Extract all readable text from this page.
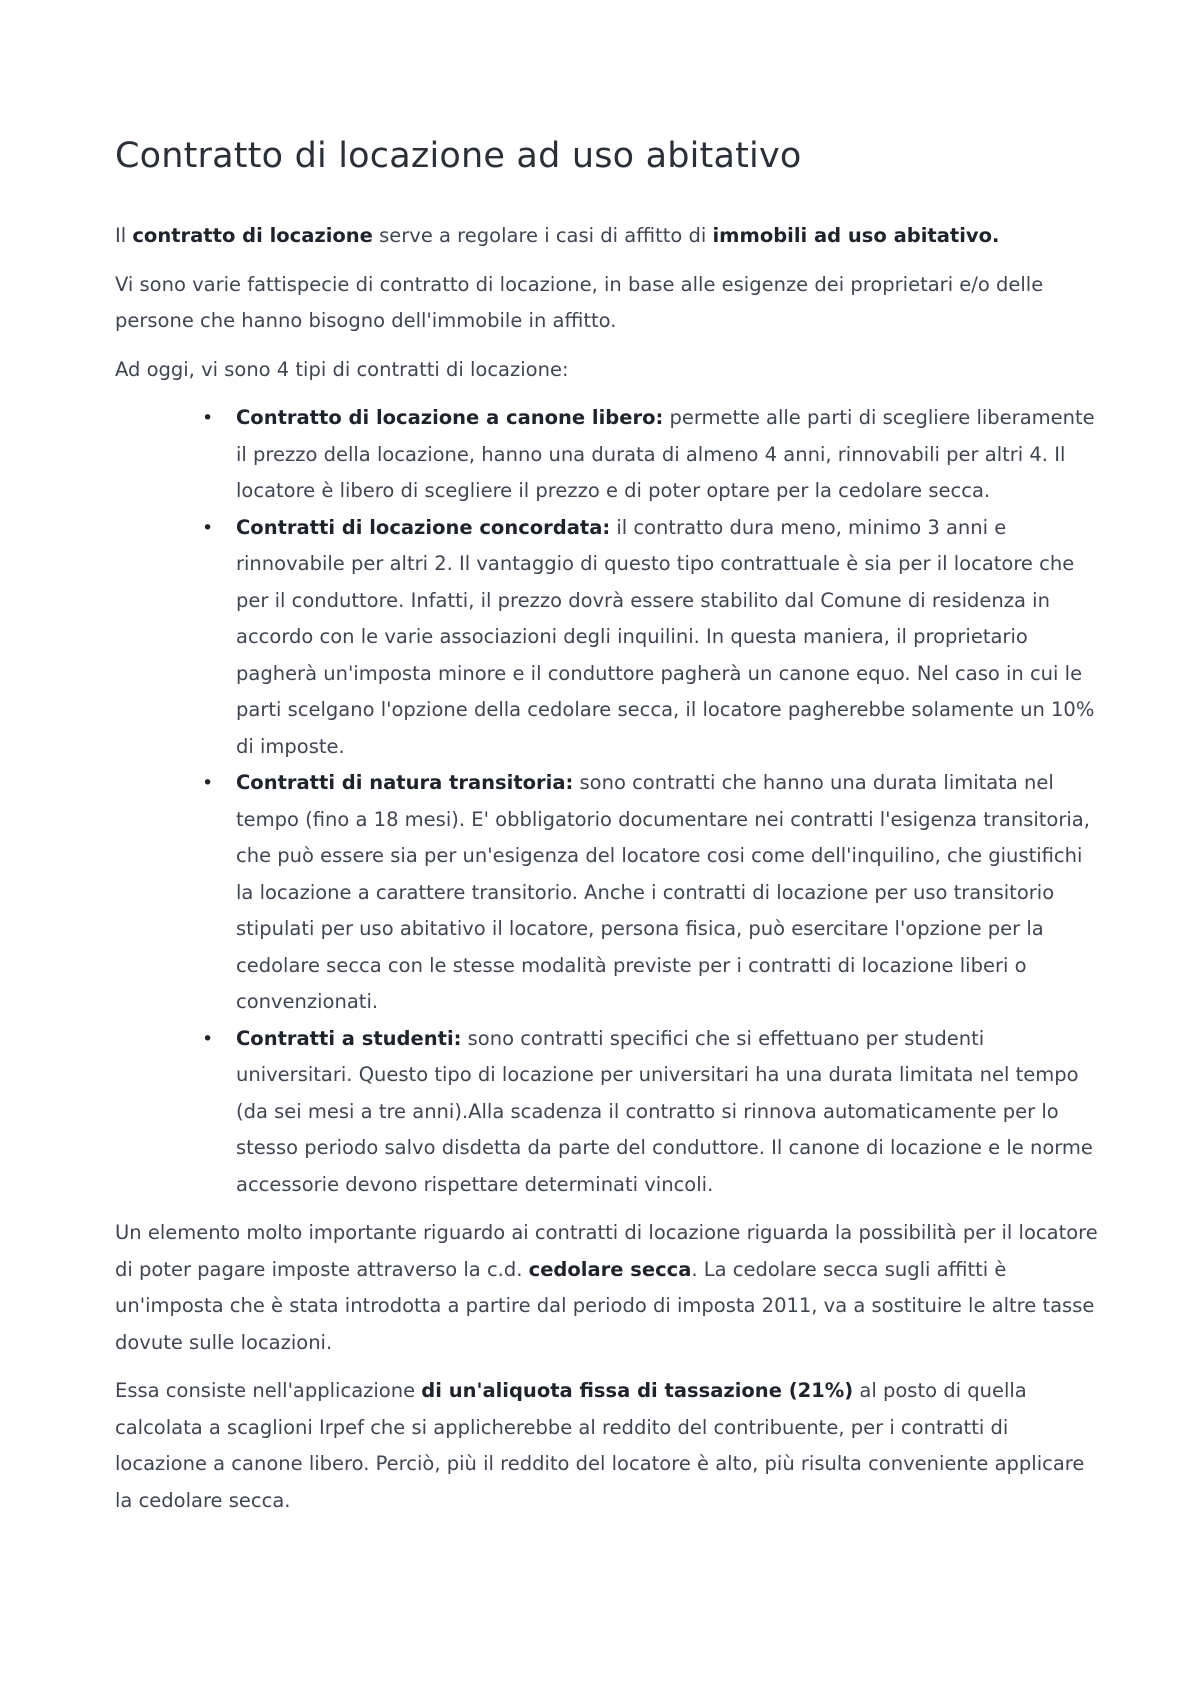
Contratto di locazione ad uso abitativo

Il contratto di locazione serve a regolare i casi di affitto di immobili ad uso abitativo.

Vi sono varie fattispecie di contratto di locazione, in base alle esigenze dei proprietari e/o delle persone che hanno bisogno dell'immobile in affitto.

Ad oggi, vi sono 4 tipi di contratti di locazione:

• Contratto di locazione a canone libero: permette alle parti di scegliere liberamente il prezzo della locazione, hanno una durata di almeno 4 anni, rinnovabili per altri 4. Il locatore è libero di scegliere il prezzo e di poter optare per la cedolare secca.
• Contratti di locazione concordata: il contratto dura meno, minimo 3 anni e rinnovabile per altri 2. Il vantaggio di questo tipo contrattuale è sia per il locatore che per il conduttore. Infatti, il prezzo dovrà essere stabilito dal Comune di residenza in accordo con le varie associazioni degli inquilini. In questa maniera, il proprietario pagherà un'imposta minore e il conduttore pagherà un canone equo. Nel caso in cui le parti scelgano l'opzione della cedolare secca, il locatore pagherebbe solamente un 10% di imposte.
• Contratti di natura transitoria: sono contratti che hanno una durata limitata nel tempo (fino a 18 mesi). E' obbligatorio documentare nei contratti l'esigenza transitoria, che può essere sia per un'esigenza del locatore cosi come dell'inquilino, che giustifichi la locazione a carattere transitorio. Anche i contratti di locazione per uso transitorio stipulati per uso abitativo il locatore, persona fisica, può esercitare l'opzione per la cedolare secca con le stesse modalità previste per i contratti di locazione liberi o convenzionati.
• Contratti a studenti: sono contratti specifici che si effettuano per studenti universitari. Questo tipo di locazione per universitari ha una durata limitata nel tempo (da sei mesi a tre anni).Alla scadenza il contratto si rinnova automaticamente per lo stesso periodo salvo disdetta da parte del conduttore. Il canone di locazione e le norme accessorie devono rispettare determinati vincoli.

Un elemento molto importante riguardo ai contratti di locazione riguarda la possibilità per il locatore di poter pagare imposte attraverso la c.d. cedolare secca. La cedolare secca sugli affitti è un'imposta che è stata introdotta a partire dal periodo di imposta 2011, va a sostituire le altre tasse dovute sulle locazioni.

Essa consiste nell'applicazione di un'aliquota fissa di tassazione (21%) al posto di quella calcolata a scaglioni Irpef che si applicherebbe al reddito del contribuente, per i contratti di locazione a canone libero. Perciò, più il reddito del locatore è alto, più risulta conveniente applicare la cedolare secca.
